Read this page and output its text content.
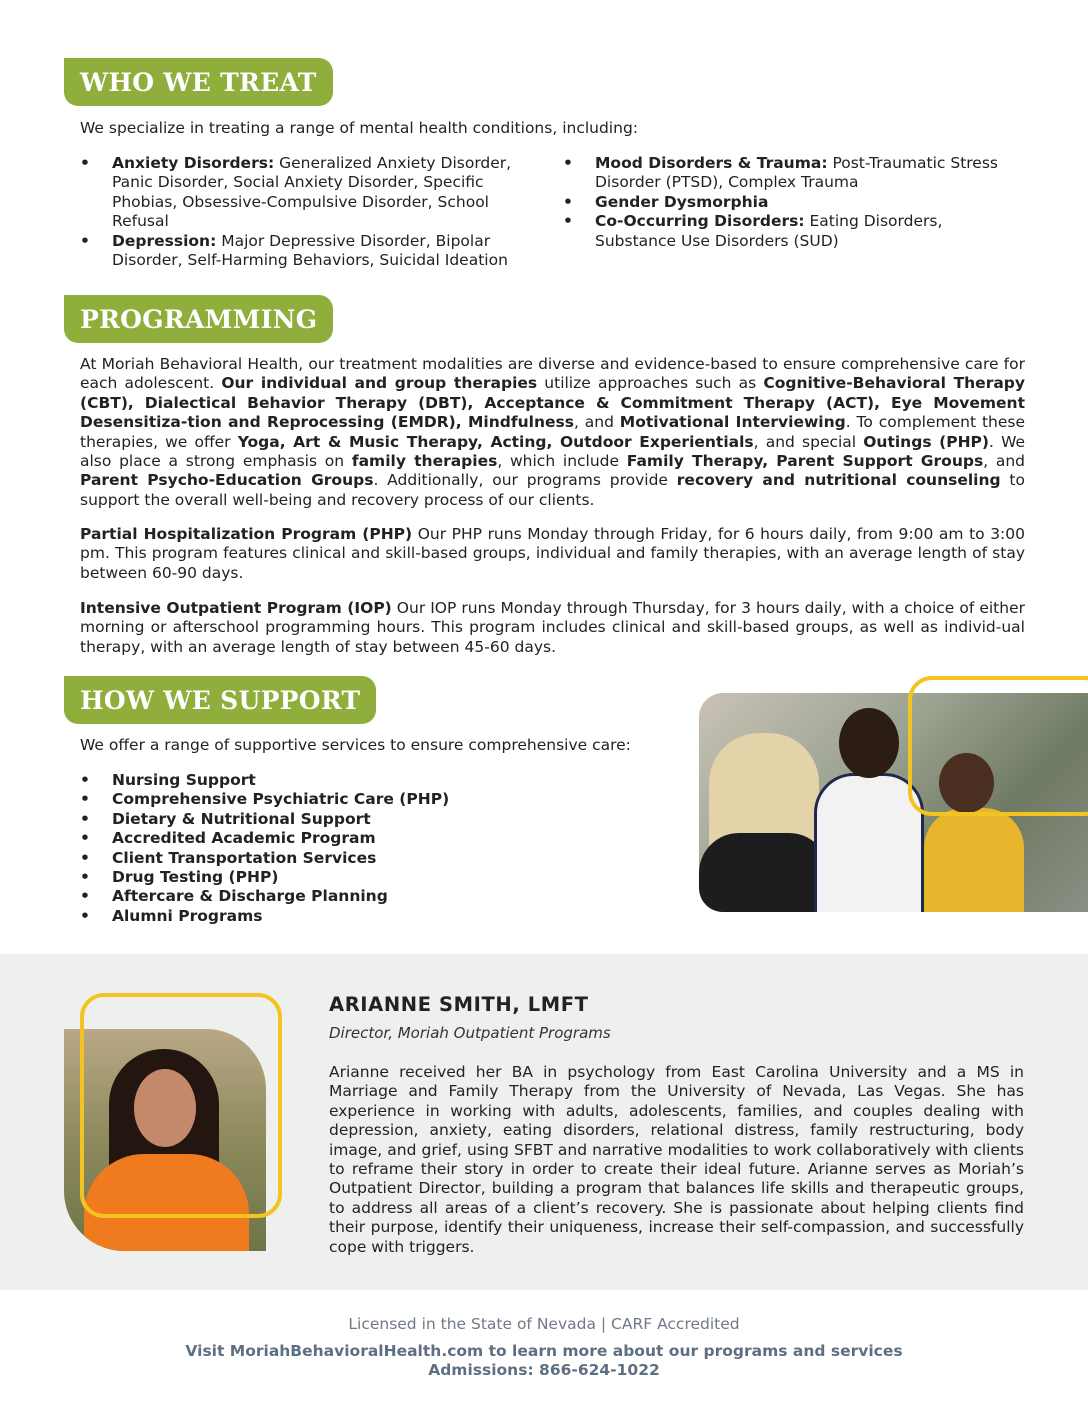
WHO WE TREAT
We specialize in treating a range of mental health conditions, including:
• Anxiety Disorders: Generalized Anxiety Disorder, Panic Disorder, Social Anxiety Disorder, Specific Phobias, Obsessive-Compulsive Disorder, School Refusal
• Depression: Major Depressive Disorder, Bipolar Disorder, Self-Harming Behaviors, Suicidal Ideation
• Mood Disorders & Trauma: Post-Traumatic Stress Disorder (PTSD), Complex Trauma
• Gender Dysmorphia
• Co-Occurring Disorders: Eating Disorders, Substance Use Disorders (SUD)
PROGRAMMING
At Moriah Behavioral Health, our treatment modalities are diverse and evidence-based to ensure comprehensive care for each adolescent. Our individual and group therapies utilize approaches such as Cognitive-Behavioral Therapy (CBT), Dialectical Behavior Therapy (DBT), Acceptance & Commitment Therapy (ACT), Eye Movement Desensitiza-tion and Reprocessing (EMDR), Mindfulness, and Motivational Interviewing. To complement these therapies, we offer Yoga, Art & Music Therapy, Acting, Outdoor Experientials, and special Outings (PHP). We also place a strong emphasis on family therapies, which include Family Therapy, Parent Support Groups, and Parent Psycho-Education Groups. Additionally, our programs provide recovery and nutritional counseling to support the overall well-being and recovery process of our clients.
Partial Hospitalization Program (PHP) Our PHP runs Monday through Friday, for 6 hours daily, from 9:00 am to 3:00 pm. This program features clinical and skill-based groups, individual and family therapies, with an average length of stay between 60-90 days.
Intensive Outpatient Program (IOP) Our IOP runs Monday through Thursday, for 3 hours daily, with a choice of either morning or afterschool programming hours. This program includes clinical and skill-based groups, as well as individ-ual therapy, with an average length of stay between 45-60 days.
HOW WE SUPPORT
We offer a range of supportive services to ensure comprehensive care:
• Nursing Support
• Comprehensive Psychiatric Care (PHP)
• Dietary & Nutritional Support
• Accredited Academic Program
• Client Transportation Services
• Drug Testing (PHP)
• Aftercare & Discharge Planning
• Alumni Programs
ARIANNE SMITH, LMFT
Director, Moriah Outpatient Programs
Arianne received her BA in psychology from East Carolina University and a MS in Marriage and Family Therapy from the University of Nevada, Las Vegas. She has experience in working with adults, adolescents, families, and couples dealing with depression, anxiety, eating disorders, relational distress, family restructuring, body image, and grief, using SFBT and narrative modalities to work collaboratively with clients to reframe their story in order to create their ideal future. Arianne serves as Moriah’s Outpatient Director, building a program that balances life skills and therapeutic groups, to address all areas of a client’s recovery. She is passionate about helping clients find their purpose, identify their uniqueness, increase their self-compassion, and successfully cope with triggers.
Licensed in the State of Nevada | CARF Accredited
Visit MoriahBehavioralHealth.com to learn more about our programs and services
Admissions: 866-624-1022
